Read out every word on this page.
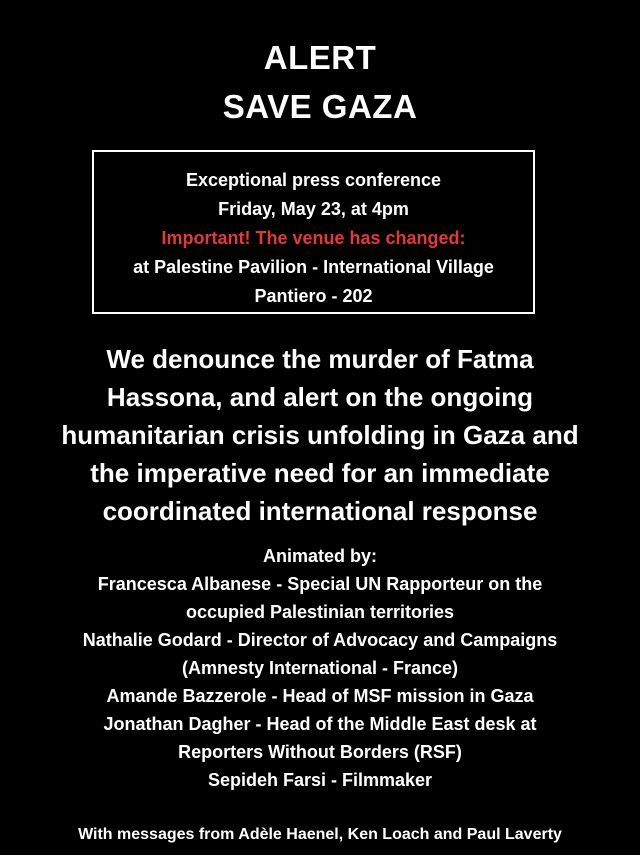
ALERT
SAVE GAZA
Exceptional press conference
Friday, May 23, at 4pm
Important! The venue has changed:
at Palestine Pavilion - International Village
Pantiero - 202
We denounce the murder of Fatma
Hassona, and alert on the ongoing
humanitarian crisis unfolding in Gaza and
the imperative need for an immediate
coordinated international response
Animated by:
Francesca Albanese - Special UN Rapporteur on the
occupied Palestinian territories
Nathalie Godard - Director of Advocacy and Campaigns
(Amnesty International - France)
Amande Bazzerole - Head of MSF mission in Gaza
Jonathan Dagher - Head of the Middle East desk at
Reporters Without Borders (RSF)
Sepideh Farsi - Filmmaker
With messages from Adèle Haenel, Ken Loach and Paul Laverty
